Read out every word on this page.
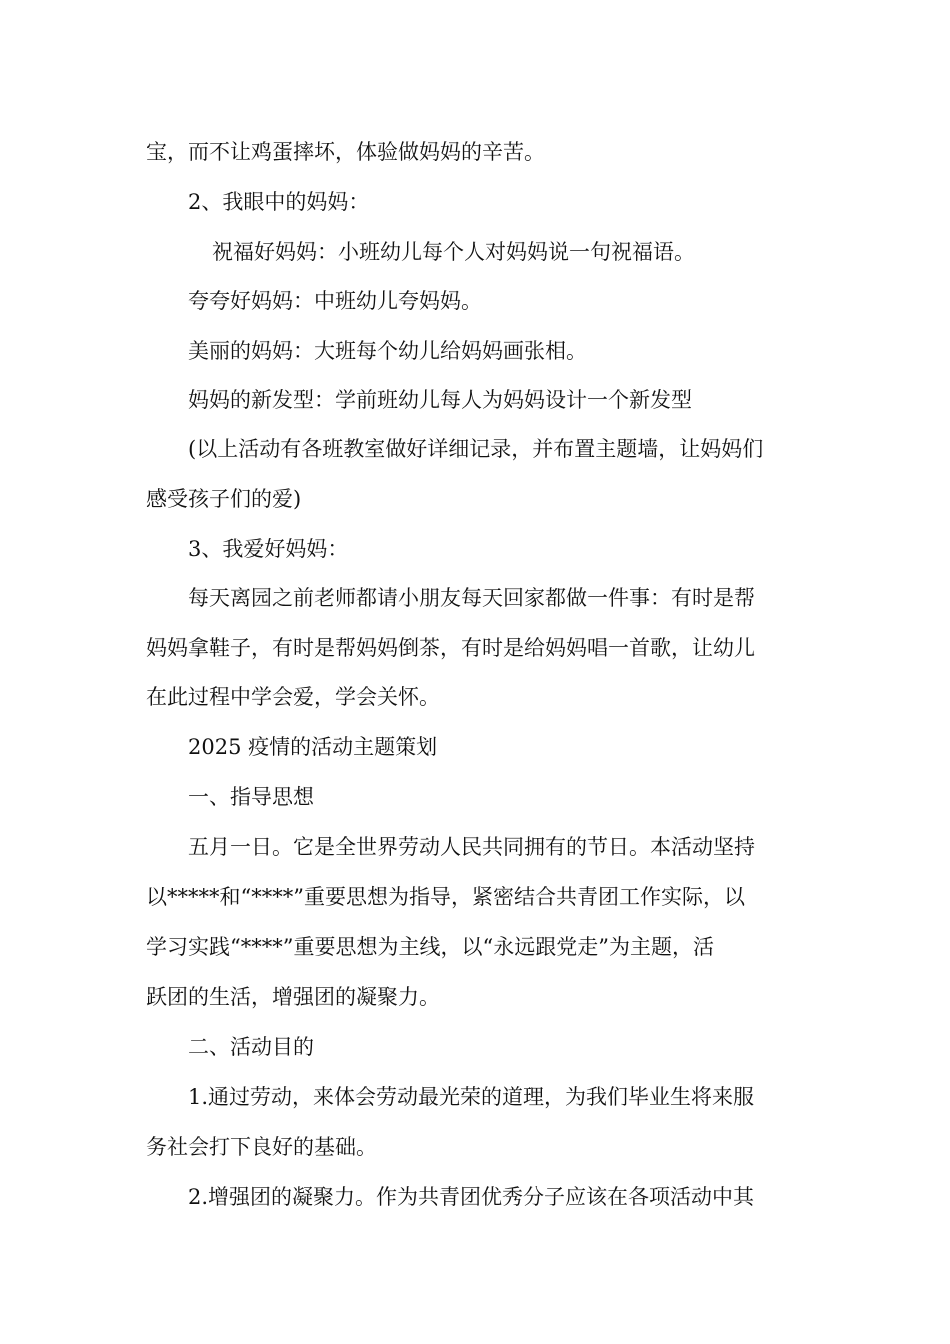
宝，而不让鸡蛋摔坏，体验做妈妈的辛苦。
2、我眼中的妈妈：
祝福好妈妈：小班幼儿每个人对妈妈说一句祝福语。
夸夸好妈妈：中班幼儿夸妈妈。
美丽的妈妈：大班每个幼儿给妈妈画张相。
妈妈的新发型：学前班幼儿每人为妈妈设计一个新发型
(以上活动有各班教室做好详细记录，并布置主题墙，让妈妈们
感受孩子们的爱)
3、我爱好妈妈：
每天离园之前老师都请小朋友每天回家都做一件事：有时是帮
妈妈拿鞋子，有时是帮妈妈倒茶，有时是给妈妈唱一首歌，让幼儿
在此过程中学会爱，学会关怀。
2025 疫情的活动主题策划
一、指导思想
五月一日。它是全世界劳动人民共同拥有的节日。本活动坚持
以*****和“****”重要思想为指导，紧密结合共青团工作实际，以
学习实践“****”重要思想为主线，以“永远跟党走”为主题，活
跃团的生活，增强团的凝聚力。
二、活动目的
1.通过劳动，来体会劳动最光荣的道理，为我们毕业生将来服
务社会打下良好的基础。
2.增强团的凝聚力。作为共青团优秀分子应该在各项活动中其
